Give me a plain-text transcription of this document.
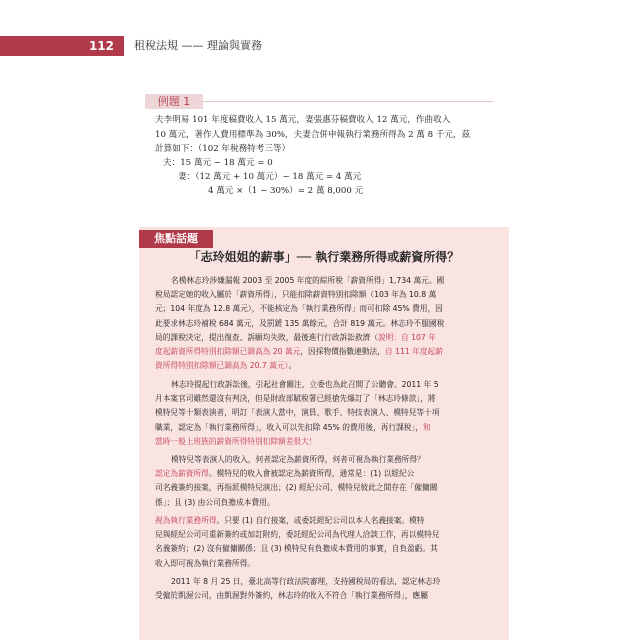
112	租稅法規 —— 理論與實務
例題 1
夫李明易 101 年度稿費收入 15 萬元，妻張惠芬稿費收入 12 萬元，作曲收入
10 萬元，著作人費用標準為 30%，夫妻合併申報執行業務所得為 2 萬 8 千元，茲
計算如下：（102 年稅務特考三等）
夫：15 萬元 − 18 萬元 = 0
妻：（12 萬元 + 10 萬元）− 18 萬元 = 4 萬元
4 萬元 ×（1 − 30%）= 2 萬 8,000 元
焦點話題
「志玲姐姐的薪事」── 執行業務所得或薪資所得？
名模林志玲涉嫌漏報 2003 至 2005 年度的綜所稅「薪資所得」1,734 萬元。國
稅局認定她的收入屬於「薪資所得」，只能扣除薪資特別扣除額（103 年為 10.8 萬
元；104 年度為 12.8 萬元），不能核定為「執行業務所得」而可扣除 45% 費用，因
此要求林志玲補稅 684 萬元，及罰鍰 135 萬餘元，合計 819 萬元。林志玲不服國稅
局的課稅決定，提出復查、訴願均失敗，最後進行行政訴訟救濟（說明：自 107 年
度起薪資所得特別扣除額已調高為 20 萬元，因採物價指數連動法，自 111 年度起薪
資所得特別扣除額已調高為 20.7 萬元）。
林志玲提起行政訴訟後，引起社會關注，立委也為此召開了公聽會。2011 年 5
月本案官司雖然還沒有判決，但是財政部賦稅署已經搶先爆訂了「林志玲條款」，將
模特兒等十類表演者，明訂「表演人當中，演員、歌手、特技表演人、模特兒等十項
職業，認定為「執行業務所得」，收入可以先扣除 45% 的費用後，再行課稅」，和
當時一般上班族的薪資所得特別扣除額差很大！
模特兒等表演人的收入，何者認定為薪資所得，何者可視為執行業務所得？
認定為薪資所得。模特兒的收入會被認定為薪資所得，通常是：(1) 以經紀公
司名義簽約接案，再指派模特兒演出；(2) 經紀公司、模特兒彼此之間存在「僱傭關
係」；且 (3) 由公司負擔成本費用。
視為執行業務所得。只要 (1) 自行接案，或委託經紀公司以本人名義接案。模特
兒與經紀公司可重新簽約或加訂附約，委託經紀公司為代理人洽談工作，再以模特兒
名義簽約；(2) 沒有僱傭關係；且 (3) 模特兒有負擔成本費用的事實，自負盈虧。其
收入即可視為執行業務所得。
2011 年 8 月 25 日，臺北高等行政法院審理，支持國稅局的看法，認定林志玲
受僱於凱渥公司，由凱渥對外簽約，林志玲的收入不符合「執行業務所得」，應屬
